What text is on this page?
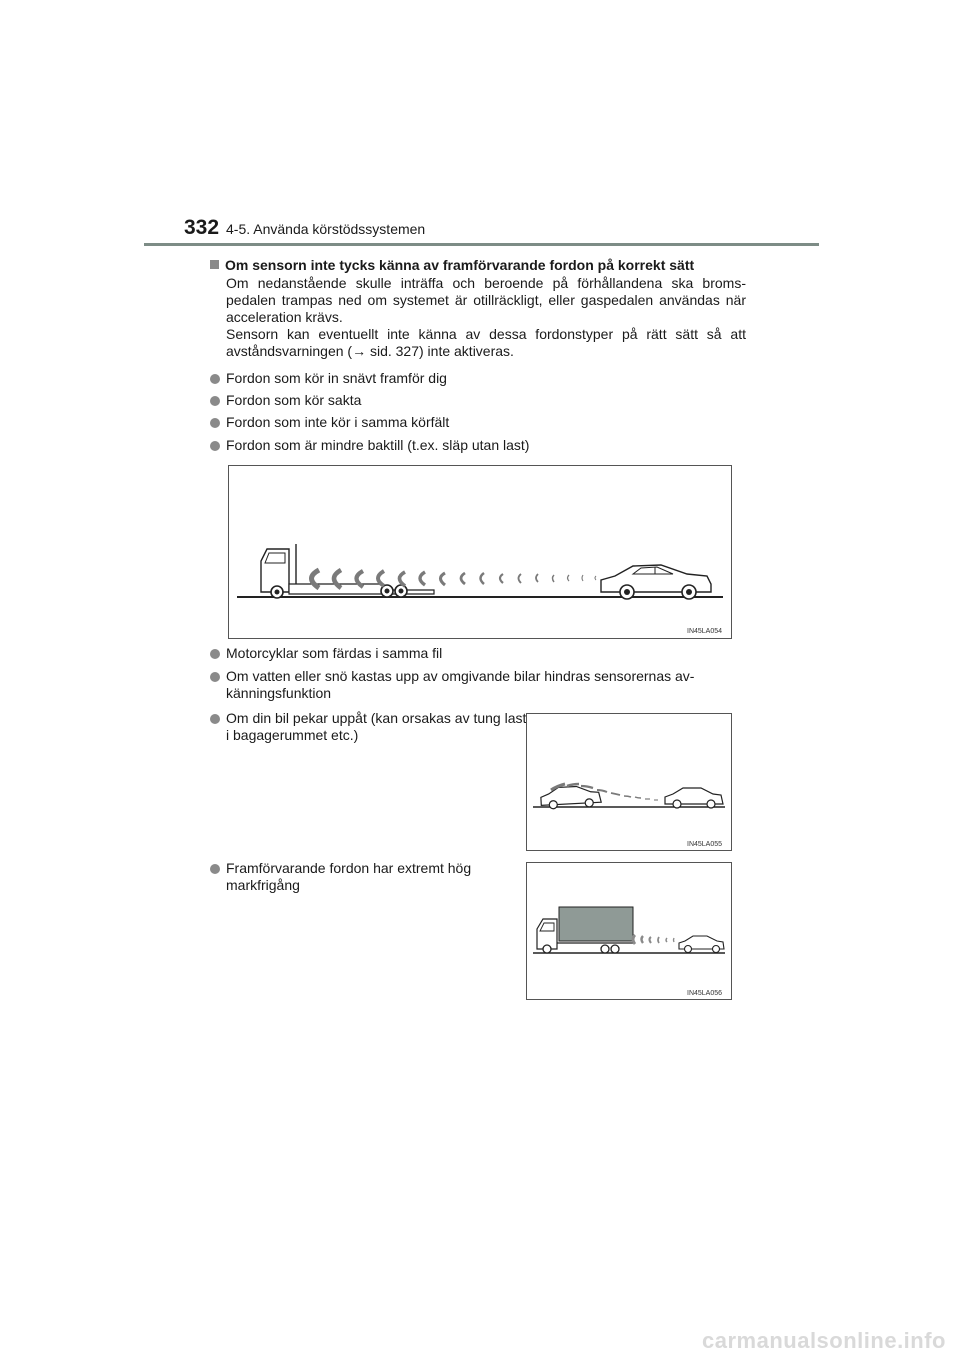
332 4-5. Använda körstödssystemen
Om sensorn inte tycks känna av framförvarande fordon på korrekt sätt
Om nedanstående skulle inträffa och beroende på förhållandena ska broms-pedalen trampas ned om systemet är otillräckligt, eller gaspedalen användas när acceleration krävs.
Sensorn kan eventuellt inte känna av dessa fordonstyper på rätt sätt så att avståndsvarningen (→ sid. 327) inte aktiveras.
Fordon som kör in snävt framför dig
Fordon som kör sakta
Fordon som inte kör i samma körfält
Fordon som är mindre baktill (t.ex. släp utan last)
IN45LA054
Motorcyklar som färdas i samma fil
Om vatten eller snö kastas upp av omgivande bilar hindras sensorernas av-känningsfunktion
Om din bil pekar uppåt (kan orsakas av tung last i bagagerummet etc.)
IN45LA055
Framförvarande fordon har extremt hög markfrigång
IN45LA056
carmanualsonline.info
